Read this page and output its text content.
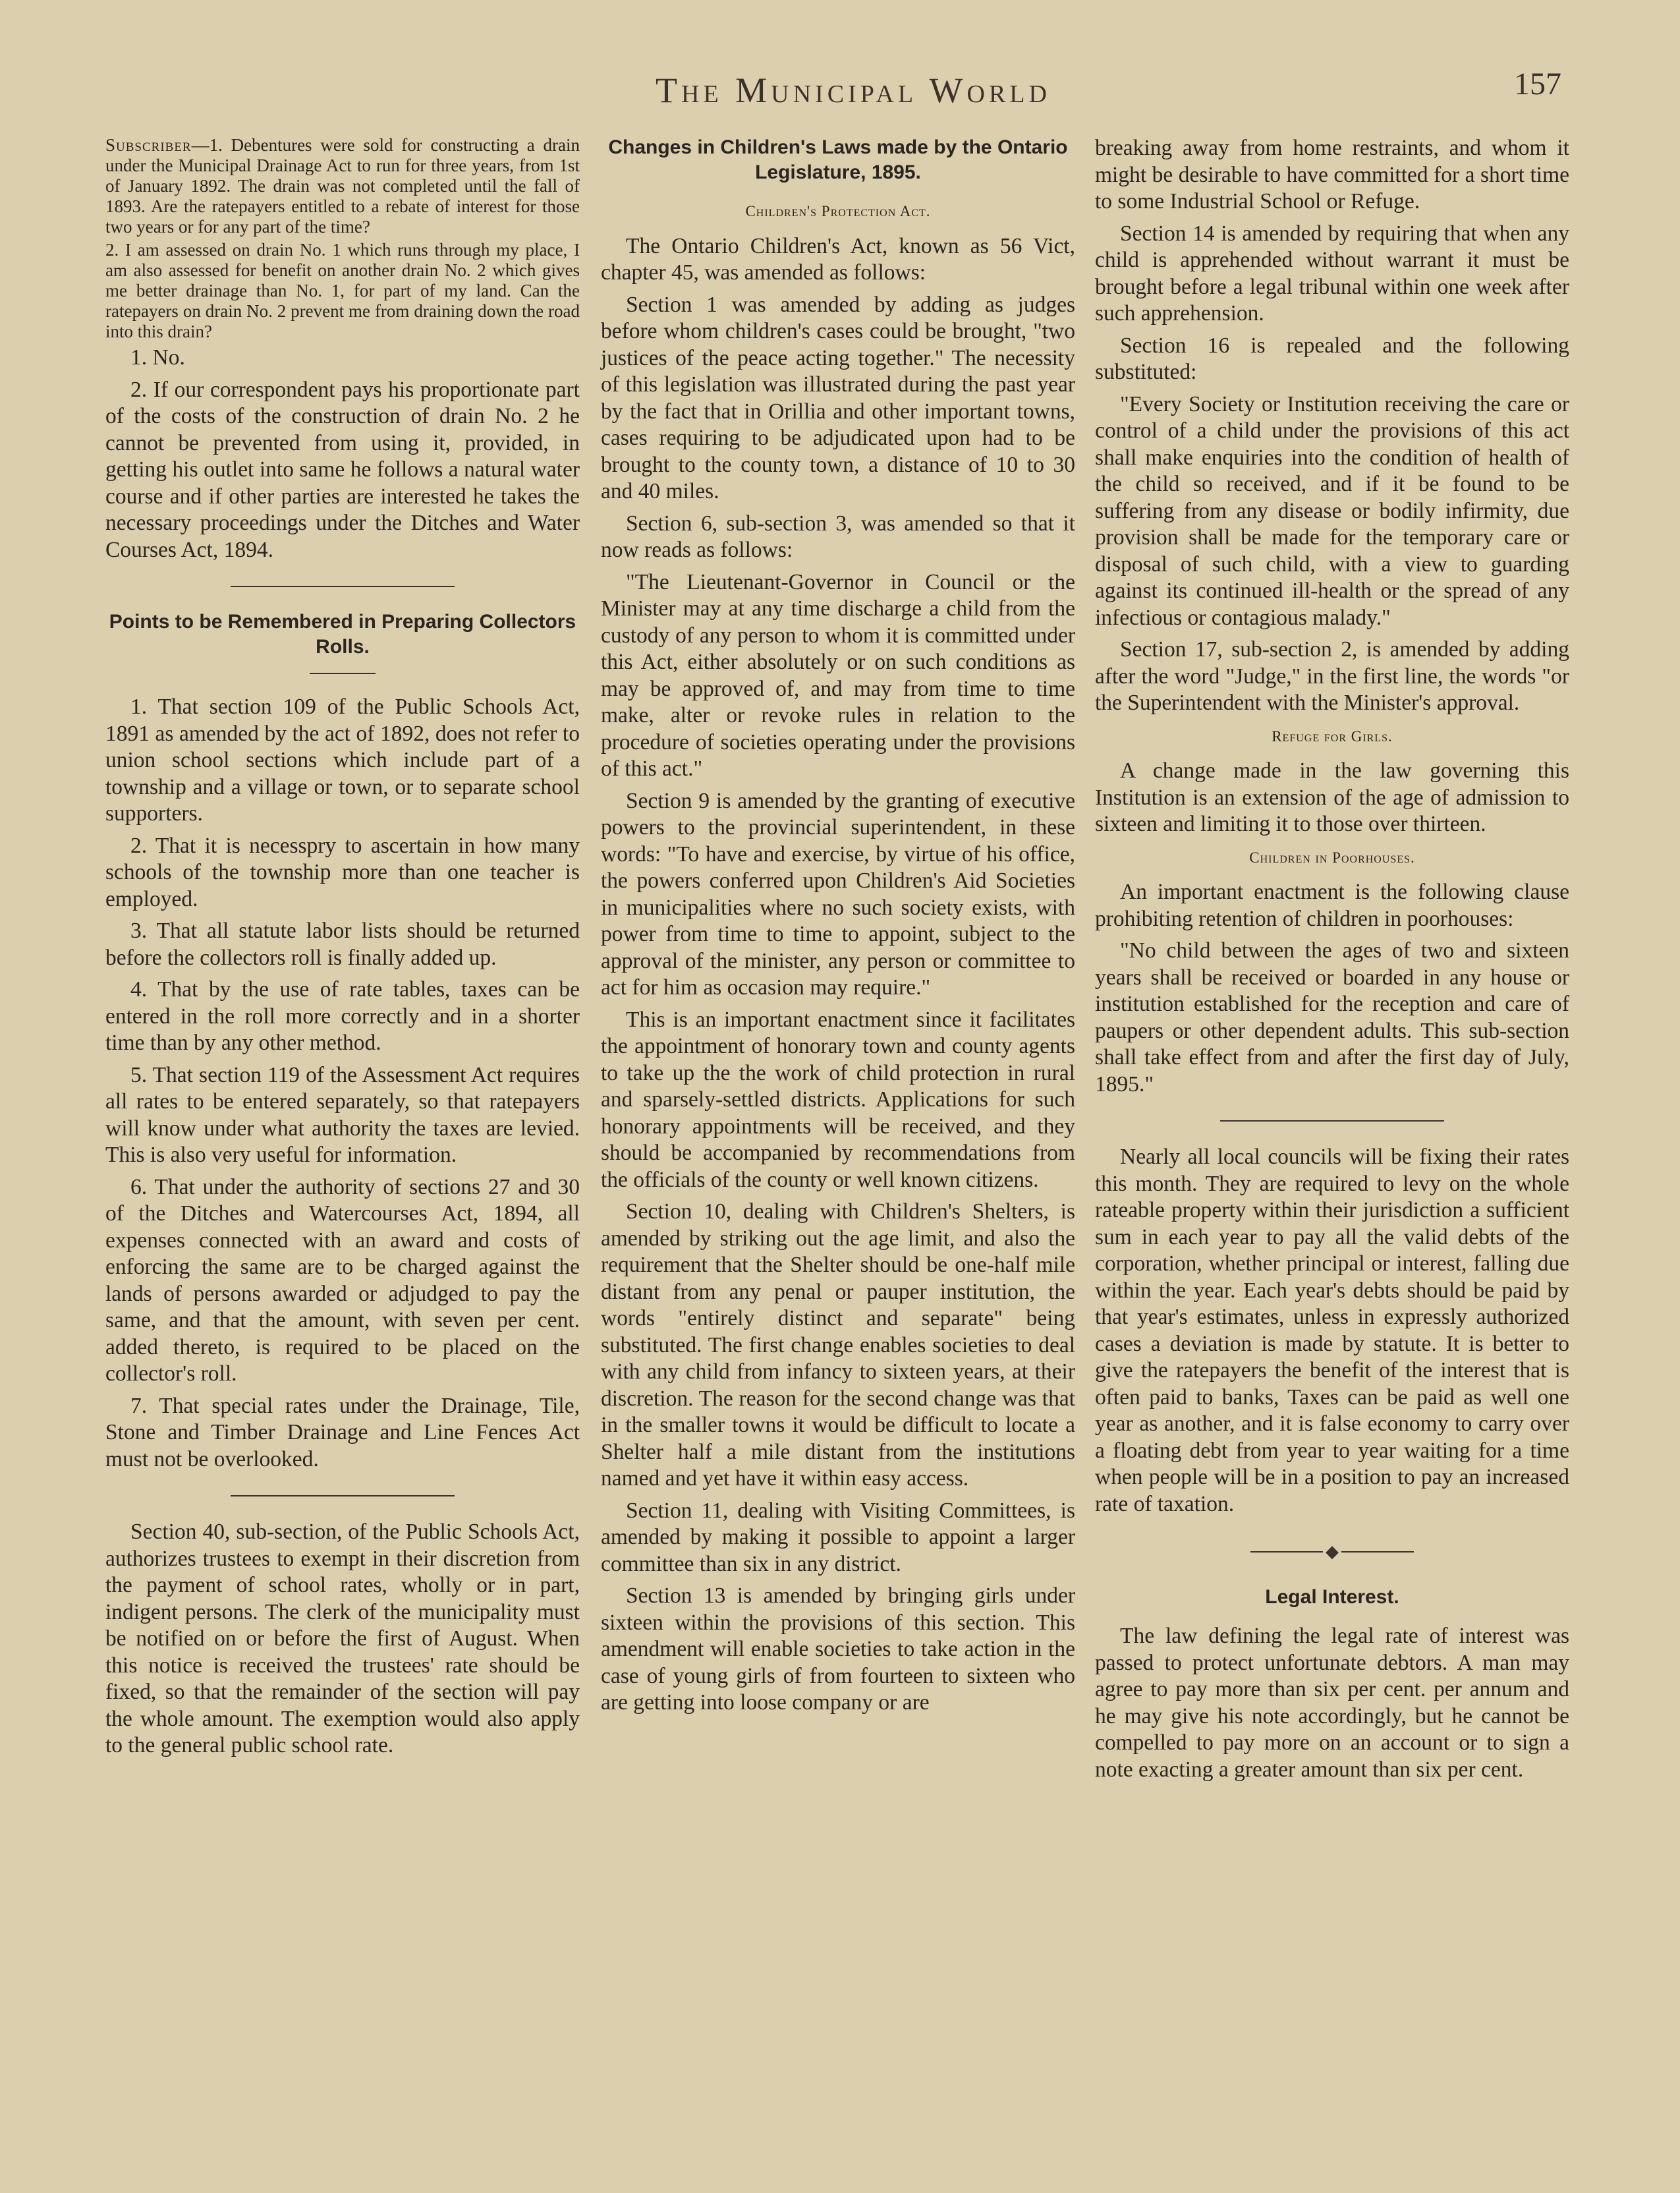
The Municipal World	157

Subscriber—1. Debentures were sold for constructing a drain under the Municipal Drainage Act to run for three years, from 1st of January 1892. The drain was not completed until the fall of 1893. Are the ratepayers entitled to a rebate of interest for those two years or for any part of the time?

2. I am assessed on drain No. 1 which runs through my place, I am also assessed for benefit on another drain No. 2 which gives me better drainage than No. 1, for part of my land. Can the ratepayers on drain No. 2 prevent me from draining down the road into this drain?

1. No.

2. If our correspondent pays his proportionate part of the costs of the construction of drain No. 2 he cannot be prevented from using it, provided, in getting his outlet into same he follows a natural water course and if other parties are interested he takes the necessary proceedings under the Ditches and Water Courses Act, 1894.

Points to be Remembered in Preparing Collectors Rolls.

1. That section 109 of the Public Schools Act, 1891 as amended by the act of 1892, does not refer to union school sections which include part of a township and a village or town, or to separate school supporters.

2. That it is necesspry to ascertain in how many schools of the township more than one teacher is employed.

3. That all statute labor lists should be returned before the collectors roll is finally added up.

4. That by the use of rate tables, taxes can be entered in the roll more correctly and in a shorter time than by any other method.

5. That section 119 of the Assessment Act requires all rates to be entered separately, so that ratepayers will know under what authority the taxes are levied. This is also very useful for information.

6. That under the authority of sections 27 and 30 of the Ditches and Watercourses Act, 1894, all expenses connected with an award and costs of enforcing the same are to be charged against the lands of persons awarded or adjudged to pay the same, and that the amount, with seven per cent. added thereto, is required to be placed on the collector's roll.

7. That special rates under the Drainage, Tile, Stone and Timber Drainage and Line Fences Act must not be overlooked.

Section 40, sub-section, of the Public Schools Act, authorizes trustees to exempt in their discretion from the payment of school rates, wholly or in part, indigent persons. The clerk of the municipality must be notified on or before the first of August. When this notice is received the trustees' rate should be fixed, so that the remainder of the section will pay the whole amount. The exemption would also apply to the general public school rate.

Changes in Children's Laws made by the Ontario Legislature, 1895.
Children's Protection Act.

The Ontario Children's Act, known as 56 Vict, chapter 45, was amended as follows:

Section 1 was amended by adding as judges before whom children's cases could be brought, "two justices of the peace acting together." The necessity of this legislation was illustrated during the past year by the fact that in Orillia and other important towns, cases requiring to be adjudicated upon had to be brought to the county town, a distance of 10 to 30 and 40 miles.

Section 6, sub-section 3, was amended so that it now reads as follows:

"The Lieutenant-Governor in Council or the Minister may at any time discharge a child from the custody of any person to whom it is committed under this Act, either absolutely or on such conditions as may be approved of, and may from time to time make, alter or revoke rules in relation to the procedure of societies operating under the provisions of this act."

Section 9 is amended by the granting of executive powers to the provincial superintendent, in these words: "To have and exercise, by virtue of his office, the powers conferred upon Children's Aid Societies in municipalities where no such society exists, with power from time to time to appoint, subject to the approval of the minister, any person or committee to act for him as occasion may require."

This is an important enactment since it facilitates the appointment of honorary town and county agents to take up the the work of child protection in rural and sparsely-settled districts. Applications for such honorary appointments will be received, and they should be accompanied by recommendations from the officials of the county or well known citizens.

Section 10, dealing with Children's Shelters, is amended by striking out the age limit, and also the requirement that the Shelter should be one-half mile distant from any penal or pauper institution, the words "entirely distinct and separate" being substituted. The first change enables societies to deal with any child from infancy to sixteen years, at their discretion. The reason for the second change was that in the smaller towns it would be difficult to locate a Shelter half a mile distant from the institutions named and yet have it within easy access.

Section 11, dealing with Visiting Committees, is amended by making it possible to appoint a larger committee than six in any district.

Section 13 is amended by bringing girls under sixteen within the provisions of this section. This amendment will enable societies to take action in the case of young girls of from fourteen to sixteen who are getting into loose company or are

breaking away from home restraints, and whom it might be desirable to have committed for a short time to some Industrial School or Refuge.

Section 14 is amended by requiring that when any child is apprehended without warrant it must be brought before a legal tribunal within one week after such apprehension.

Section 16 is repealed and the following substituted:

"Every Society or Institution receiving the care or control of a child under the provisions of this act shall make enquiries into the condition of health of the child so received, and if it be found to be suffering from any disease or bodily infirmity, due provision shall be made for the temporary care or disposal of such child, with a view to guarding against its continued ill-health or the spread of any infectious or contagious malady."

Section 17, sub-section 2, is amended by adding after the word "Judge," in the first line, the words "or the Superintendent with the Minister's approval.

Refuge for Girls.

A change made in the law governing this Institution is an extension of the age of admission to sixteen and limiting it to those over thirteen.

Children in Poorhouses.

An important enactment is the following clause prohibiting retention of children in poorhouses:

"No child between the ages of two and sixteen years shall be received or boarded in any house or institution established for the reception and care of paupers or other dependent adults. This sub-section shall take effect from and after the first day of July, 1895."

Nearly all local councils will be fixing their rates this month. They are required to levy on the whole rateable property within their jurisdiction a sufficient sum in each year to pay all the valid debts of the corporation, whether principal or interest, falling due within the year. Each year's debts should be paid by that year's estimates, unless in expressly authorized cases a deviation is made by statute. It is better to give the ratepayers the benefit of the interest that is often paid to banks, Taxes can be paid as well one year as another, and it is false economy to carry over a floating debt from year to year waiting for a time when people will be in a position to pay an increased rate of taxation.

◆
Legal Interest.

The law defining the legal rate of interest was passed to protect unfortunate debtors. A man may agree to pay more than six per cent. per annum and he may give his note accordingly, but he cannot be compelled to pay more on an account or to sign a note exacting a greater amount than six per cent.
